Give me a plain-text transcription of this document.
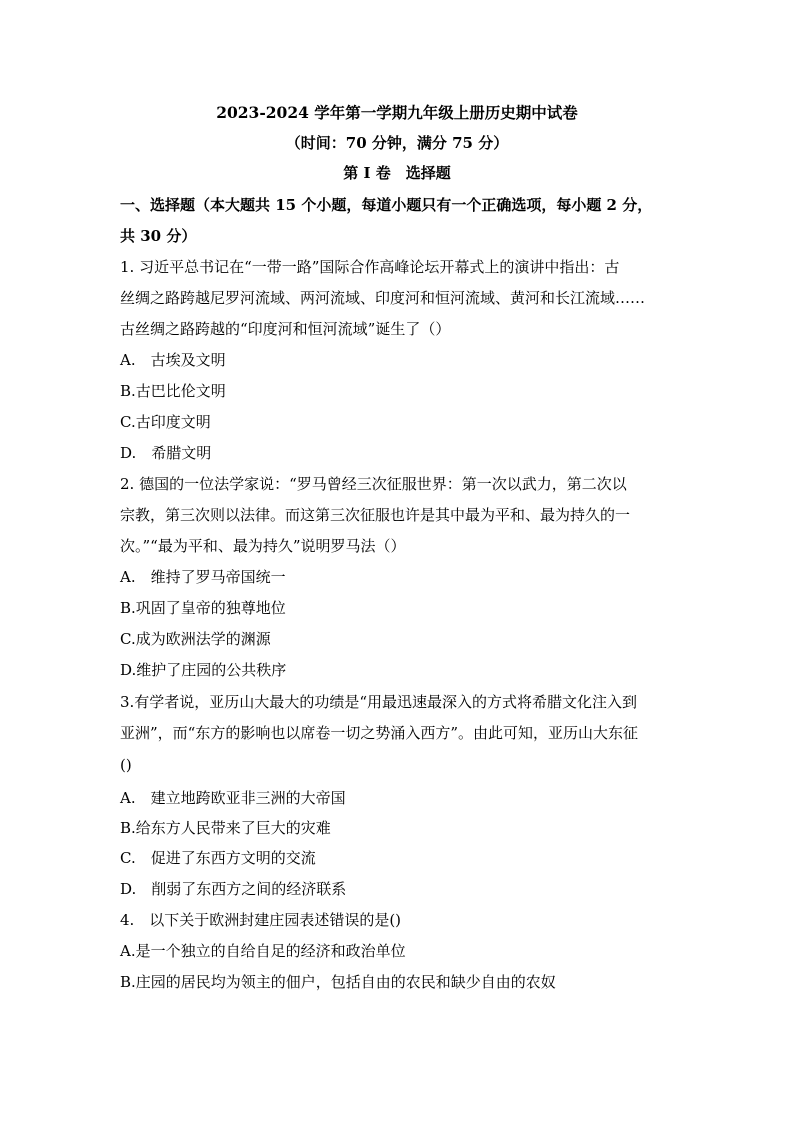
2023-2024 学年第一学期九年级上册历史期中试卷
（时间：70 分钟，满分 75 分）
第 I 卷　选择题
一、选择题（本大题共 15 个小题，每道小题只有一个正确选项，每小题 2 分，
共 30 分）
1. 习近平总书记在“一带一路”国际合作高峰论坛开幕式上的演讲中指出：古
丝绸之路跨越尼罗河流域、两河流域、印度河和恒河流域、黄河和长江流域……
古丝绸之路跨越的“印度河和恒河流域”诞生了（）
A.　古埃及文明
B.古巴比伦文明
C.古印度文明
D.　希腊文明
2. 德国的一位法学家说：“罗马曾经三次征服世界：第一次以武力，第二次以
宗教，第三次则以法律。而这第三次征服也许是其中最为平和、最为持久的一
次。”“最为平和、最为持久”说明罗马法（）
A.　维持了罗马帝国统一
B.巩固了皇帝的独尊地位
C.成为欧洲法学的渊源
D.维护了庄园的公共秩序
3.有学者说，亚历山大最大的功绩是“用最迅速最深入的方式将希腊文化注入到
亚洲”，而“东方的影响也以席卷一切之势涌入西方”。由此可知，亚历山大东征
()
A.　建立地跨欧亚非三洲的大帝国
B.给东方人民带来了巨大的灾难
C.　促进了东西方文明的交流
D.　削弱了东西方之间的经济联系
4.　以下关于欧洲封建庄园表述错误的是()
A.是一个独立的自给自足的经济和政治单位
B.庄园的居民均为领主的佃户，包括自由的农民和缺少自由的农奴
